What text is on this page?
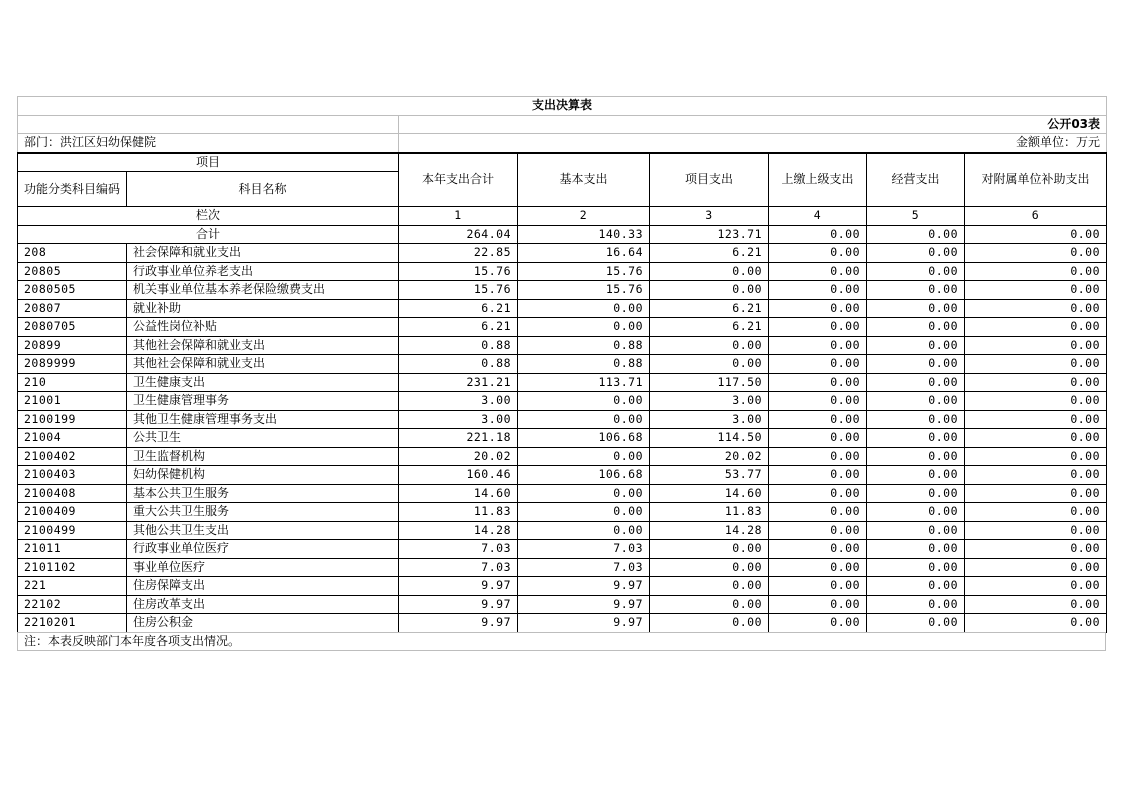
支出决算表							
		公开03表					
部门：洪江区妇幼保健院		金额单位：万元					
项目		本年支出合计	基本支出	项目支出	上缴上级支出	经营支出	对附属单位补助支出
功能分类科目编码	科目名称						
栏次		1	2	3	4	5	6
合计		264.04	140.33	123.71	0.00	0.00	0.00
208	社会保障和就业支出	22.85	16.64	6.21	0.00	0.00	0.00
20805	行政事业单位养老支出	15.76	15.76	0.00	0.00	0.00	0.00
2080505	机关事业单位基本养老保险缴费支出	15.76	15.76	0.00	0.00	0.00	0.00
20807	就业补助	6.21	0.00	6.21	0.00	0.00	0.00
2080705	公益性岗位补贴	6.21	0.00	6.21	0.00	0.00	0.00
20899	其他社会保障和就业支出	0.88	0.88	0.00	0.00	0.00	0.00
2089999	其他社会保障和就业支出	0.88	0.88	0.00	0.00	0.00	0.00
210	卫生健康支出	231.21	113.71	117.50	0.00	0.00	0.00
21001	卫生健康管理事务	3.00	0.00	3.00	0.00	0.00	0.00
2100199	其他卫生健康管理事务支出	3.00	0.00	3.00	0.00	0.00	0.00
21004	公共卫生	221.18	106.68	114.50	0.00	0.00	0.00
2100402	卫生监督机构	20.02	0.00	20.02	0.00	0.00	0.00
2100403	妇幼保健机构	160.46	106.68	53.77	0.00	0.00	0.00
2100408	基本公共卫生服务	14.60	0.00	14.60	0.00	0.00	0.00
2100409	重大公共卫生服务	11.83	0.00	11.83	0.00	0.00	0.00
2100499	其他公共卫生支出	14.28	0.00	14.28	0.00	0.00	0.00
21011	行政事业单位医疗	7.03	7.03	0.00	0.00	0.00	0.00
2101102	事业单位医疗	7.03	7.03	0.00	0.00	0.00	0.00
221	住房保障支出	9.97	9.97	0.00	0.00	0.00	0.00
22102	住房改革支出	9.97	9.97	0.00	0.00	0.00	0.00
2210201	住房公积金	9.97	9.97	0.00	0.00	0.00	0.00
注：本表反映部门本年度各项支出情况。
